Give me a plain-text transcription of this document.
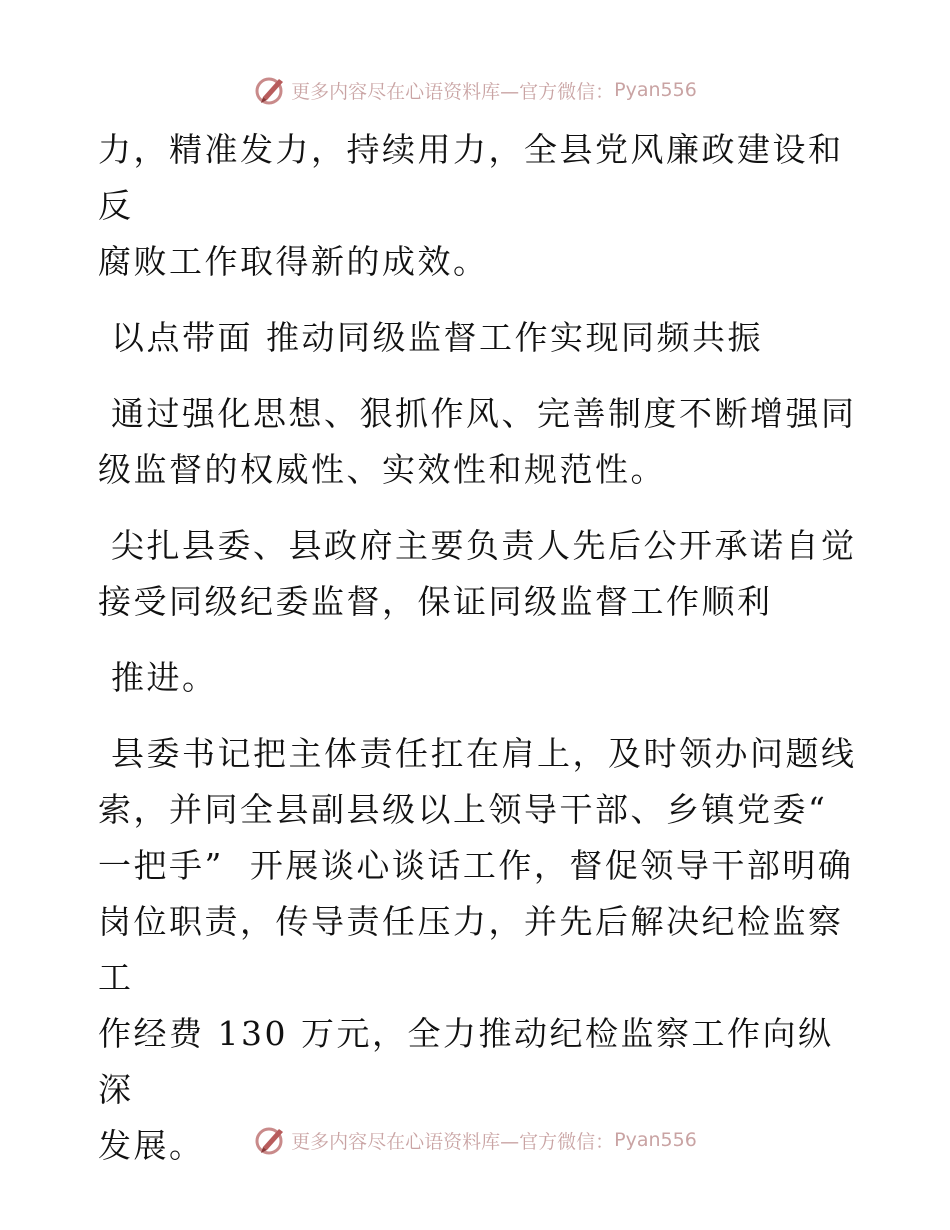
更多内容尽在心语资料库—官方微信： Pyan556

力，精准发力，持续用力，全县党风廉政建设和反
腐败工作取得新的成效。

以点带面 推动同级监督工作实现同频共振

通过强化思想、狠抓作风、完善制度不断增强同
级监督的权威性、实效性和规范性。

尖扎县委、县政府主要负责人先后公开承诺自觉
接受同级纪委监督，保证同级监督工作顺利

推进。

县委书记把主体责任扛在肩上，及时领办问题线
索，并同全县副县级以上领导干部、乡镇党委“
一把手”  开展谈心谈话工作，督促领导干部明确
岗位职责，传导责任压力，并先后解决纪检监察工
作经费 130 万元，全力推动纪检监察工作向纵深
发展。	更多内容尽在心语资料库—官方微信： Pyan556
